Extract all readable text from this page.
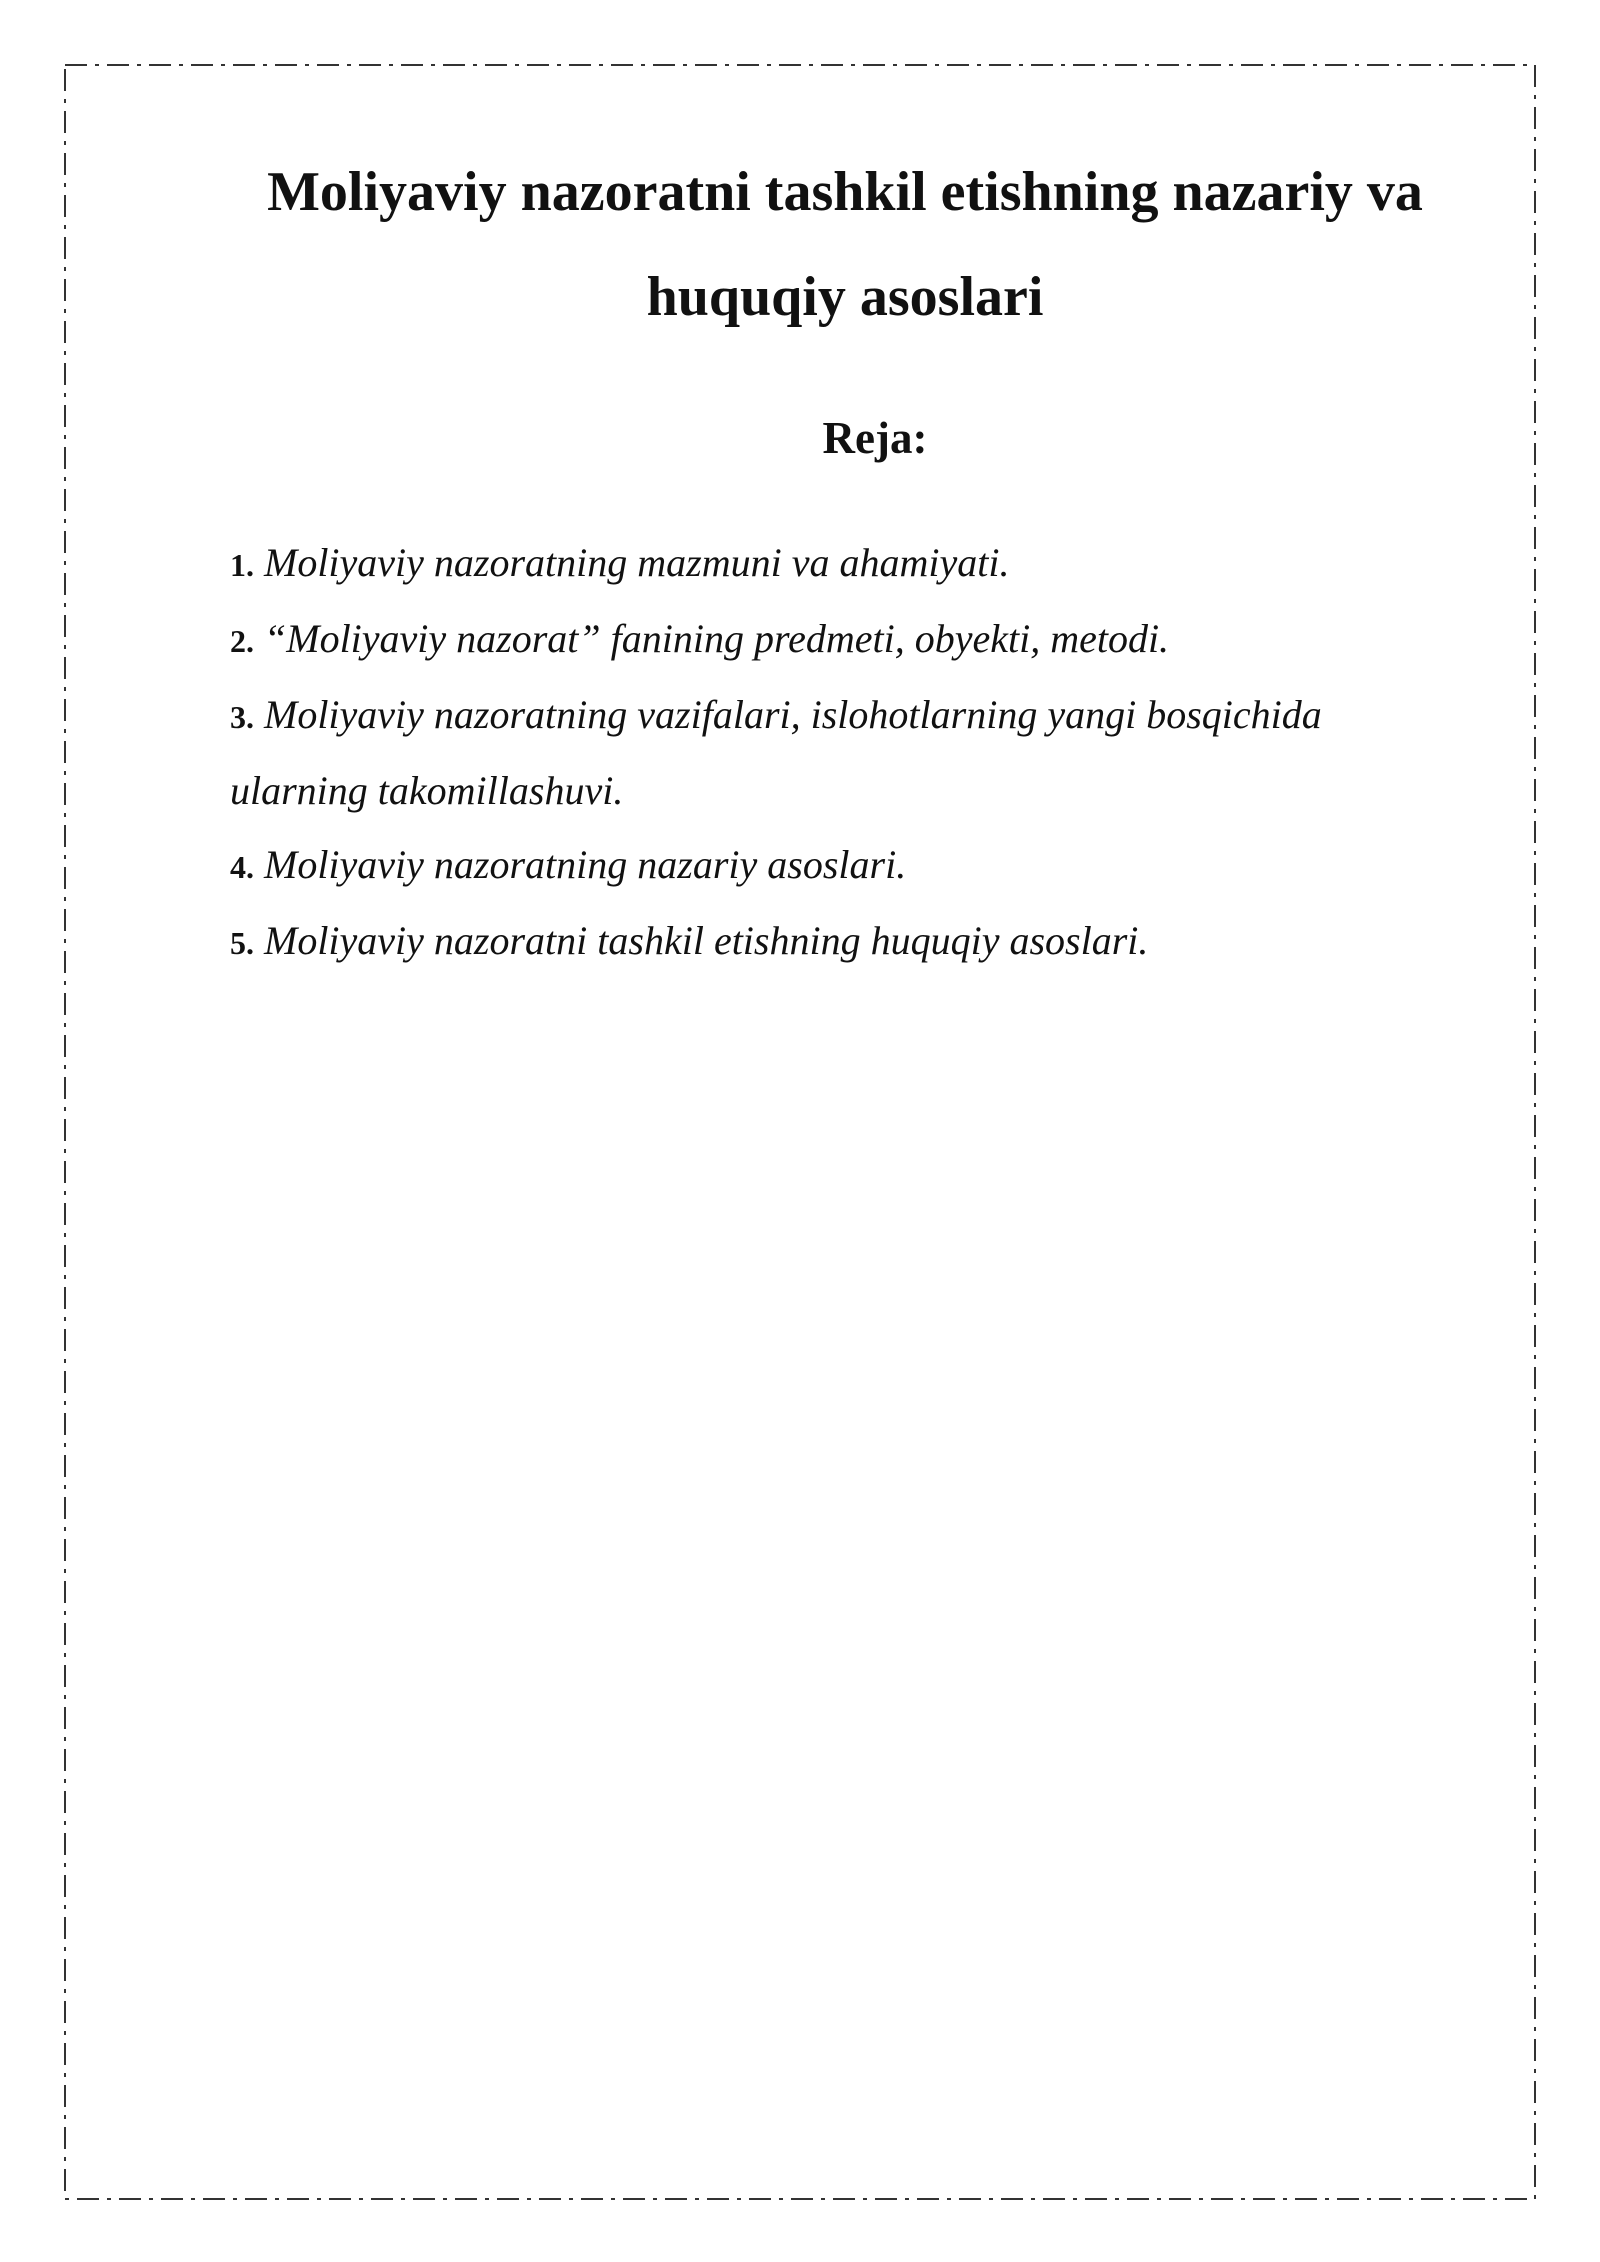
Moliyaviy nazoratni tashkil etishning nazariy va
huquqiy asoslari
Reja:
1. Moliyaviy nazoratning mazmuni va ahamiyati.
2. “Moliyaviy nazorat” fanining predmeti, obyekti, metodi.
3. Moliyaviy nazoratning vazifalari, islohotlarning yangi bosqichida ularning takomillashuvi.
4. Moliyaviy nazoratning nazariy asoslari.
5. Moliyaviy nazoratni tashkil etishning huquqiy asoslari.
